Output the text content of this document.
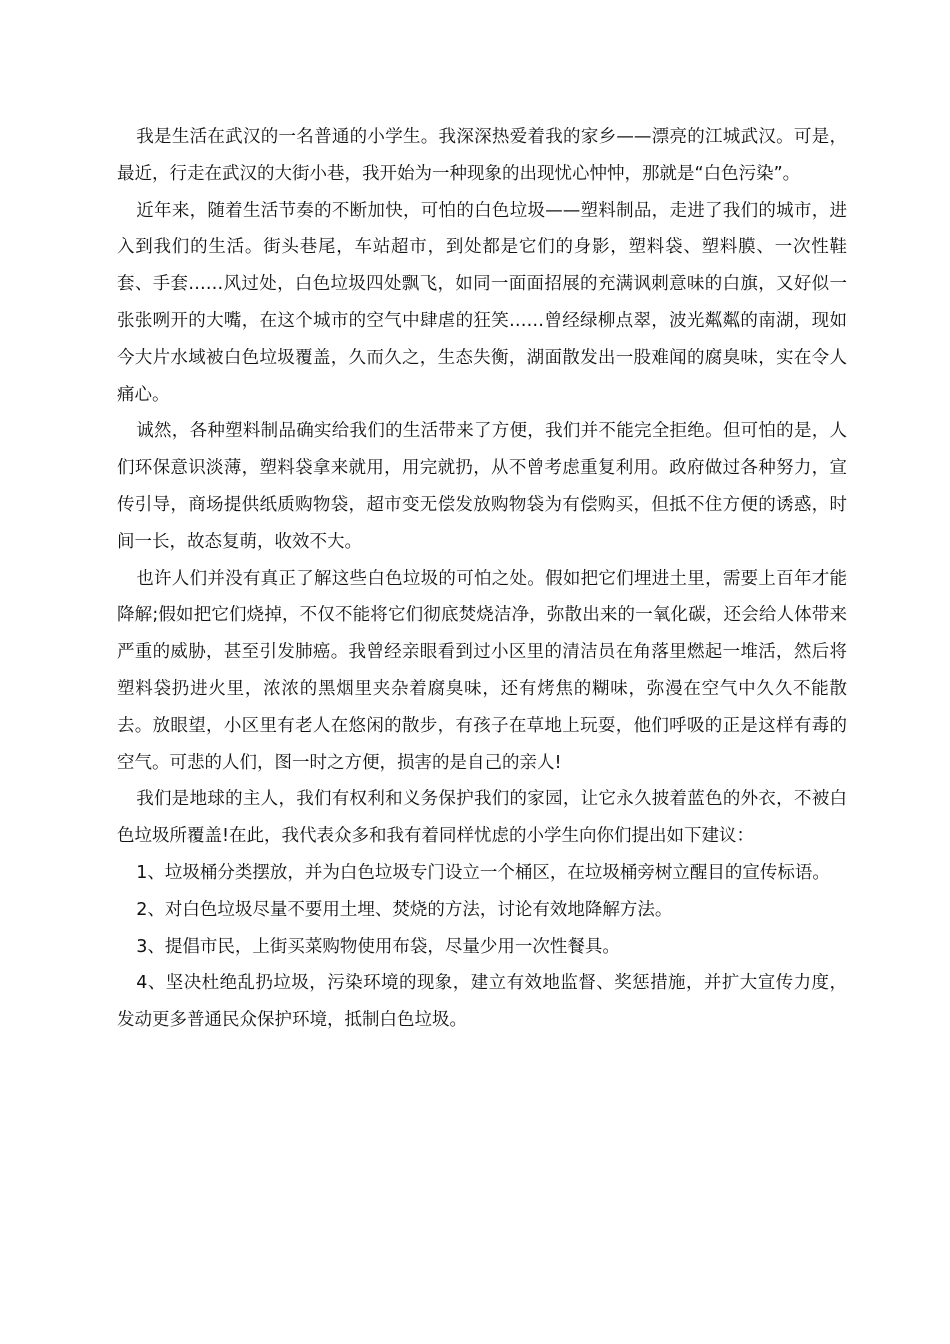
我是生活在武汉的一名普通的小学生。我深深热爱着我的家乡——漂亮的江城武汉。可是，最近，行走在武汉的大街小巷，我开始为一种现象的出现忧心忡忡，那就是“白色污染”。

近年来，随着生活节奏的不断加快，可怕的白色垃圾——塑料制品，走进了我们的城市，进入到我们的生活。街头巷尾，车站超市，到处都是它们的身影，塑料袋、塑料膜、一次性鞋套、手套……风过处，白色垃圾四处飘飞，如同一面面招展的充满讽刺意味的白旗，又好似一张张咧开的大嘴，在这个城市的空气中肆虐的狂笑……曾经绿柳点翠，波光粼粼的南湖，现如今大片水域被白色垃圾覆盖，久而久之，生态失衡，湖面散发出一股难闻的腐臭味，实在令人痛心。

诚然，各种塑料制品确实给我们的生活带来了方便，我们并不能完全拒绝。但可怕的是，人们环保意识淡薄，塑料袋拿来就用，用完就扔，从不曾考虑重复利用。政府做过各种努力，宣传引导，商场提供纸质购物袋，超市变无偿发放购物袋为有偿购买，但抵不住方便的诱惑，时间一长，故态复萌，收效不大。

也许人们并没有真正了解这些白色垃圾的可怕之处。假如把它们埋进土里，需要上百年才能降解;假如把它们烧掉，不仅不能将它们彻底焚烧洁净，弥散出来的一氧化碳，还会给人体带来严重的威胁，甚至引发肺癌。我曾经亲眼看到过小区里的清洁员在角落里燃起一堆活，然后将塑料袋扔进火里，浓浓的黑烟里夹杂着腐臭味，还有烤焦的糊味，弥漫在空气中久久不能散去。放眼望，小区里有老人在悠闲的散步，有孩子在草地上玩耍，他们呼吸的正是这样有毒的空气。可悲的人们，图一时之方便，损害的是自己的亲人!

我们是地球的主人，我们有权利和义务保护我们的家园，让它永久披着蓝色的外衣，不被白色垃圾所覆盖!在此，我代表众多和我有着同样忧虑的小学生向你们提出如下建议：

1、垃圾桶分类摆放，并为白色垃圾专门设立一个桶区，在垃圾桶旁树立醒目的宣传标语。

2、对白色垃圾尽量不要用土埋、焚烧的方法，讨论有效地降解方法。

3、提倡市民，上街买菜购物使用布袋，尽量少用一次性餐具。

4、坚决杜绝乱扔垃圾，污染环境的现象，建立有效地监督、奖惩措施，并扩大宣传力度，发动更多普通民众保护环境，抵制白色垃圾。
